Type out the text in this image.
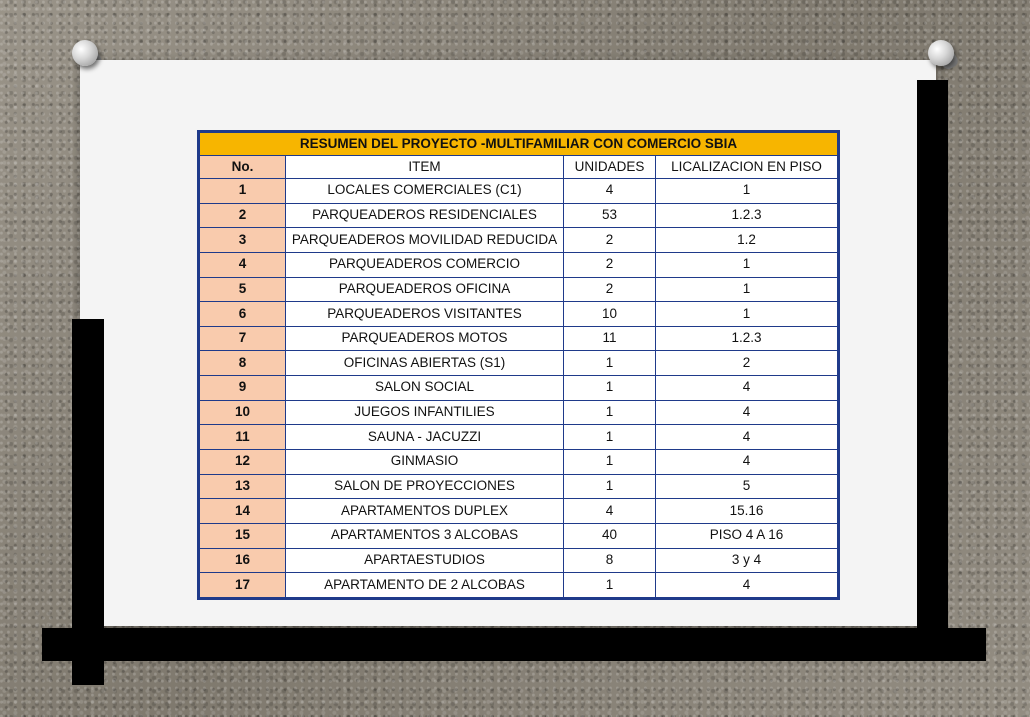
RESUMEN DEL PROYECTO -MULTIFAMILIAR CON COMERCIO SBIA			
No.	ITEM	UNIDADES	LICALIZACION EN PISO
1	LOCALES COMERCIALES (C1)	4	1
2	PARQUEADEROS RESIDENCIALES	53	1.2.3
3	PARQUEADEROS MOVILIDAD REDUCIDA	2	1.2
4	PARQUEADEROS COMERCIO	2	1
5	PARQUEADEROS OFICINA	2	1
6	PARQUEADEROS VISITANTES	10	1
7	PARQUEADEROS MOTOS	11	1.2.3
8	OFICINAS ABIERTAS (S1)	1	2
9	SALON SOCIAL	1	4
10	JUEGOS INFANTILIES	1	4
11	SAUNA - JACUZZI	1	4
12	GINMASIO	1	4
13	SALON DE PROYECCIONES	1	5
14	APARTAMENTOS DUPLEX	4	15.16
15	APARTAMENTOS 3 ALCOBAS	40	PISO 4 A 16
16	APARTAESTUDIOS	8	3 y 4
17	APARTAMENTO DE 2 ALCOBAS	1	4
